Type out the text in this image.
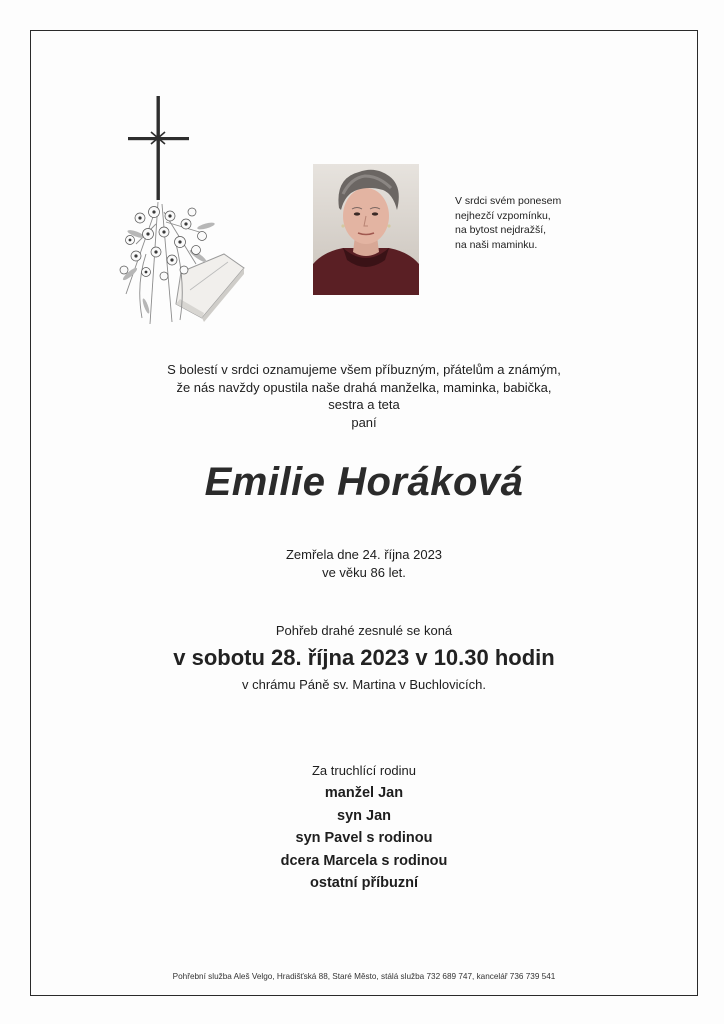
V srdci svém ponesem
nejhezčí vzpomínku,
na bytost nejdražší,
na naši maminku.
S bolestí v srdci oznamujeme všem příbuzným, přátelům a známým,
že nás navždy opustila naše drahá manželka, maminka, babička,
sestra a teta
paní
Emilie Horáková
Zemřela dne 24. října 2023
ve věku 86 let.
Pohřeb drahé zesnulé se koná
v sobotu 28. října 2023 v 10.30 hodin
v chrámu Páně sv. Martina v Buchlovicích.
Za truchlící rodinu
manžel Jan
syn Jan
syn Pavel s rodinou
dcera Marcela s rodinou
ostatní příbuzní
Pohřební služba Aleš Velgo, Hradišťská 88, Staré Město, stálá služba 732 689 747, kancelář 736 739 541
